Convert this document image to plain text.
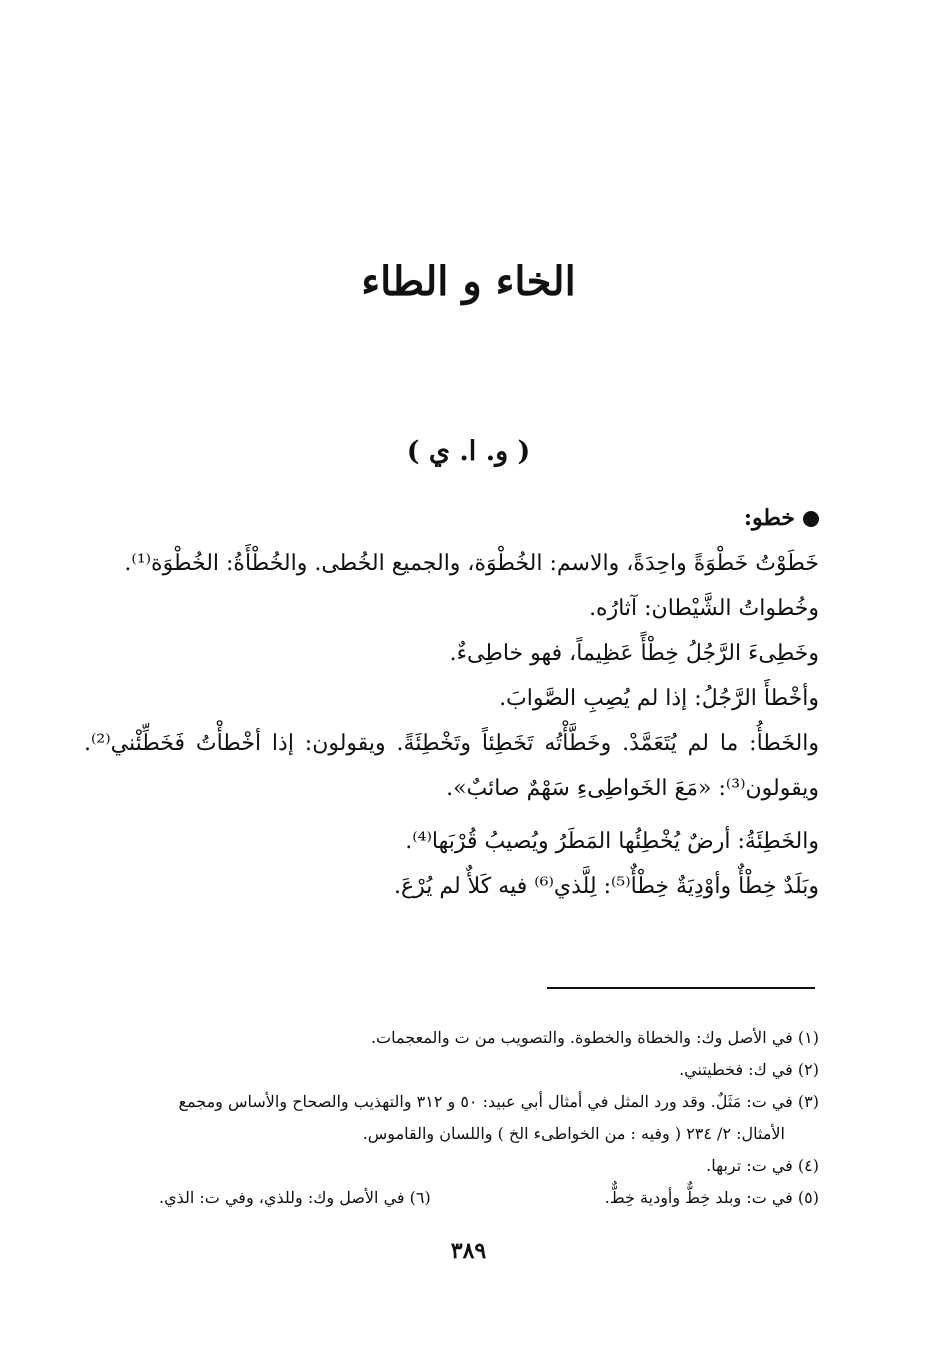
الخاء و الطاء
( و. ا. ي )

خطو:

خَطَوْتُ خَطْوَةً واحِدَةً، والاسم: الخُطْوَة، والجميع الخُطى. والخُطْأَةُ: الخُطْوَة⁽¹⁾.

وخُطواتُ الشَّيْطان: آثارُه.

وخَطِىءَ الرَّجُلُ خِطْأً عَظِيماً، فهو خاطِىءٌ.

وأخْطأَ الرَّجُلُ: إذا لم يُصِبِ الصَّوابَ.

والخَطأُ: ما لم يُتَعَمَّدْ. وخَطَّأْتُه تَخَطِئاً وتَخْطِئَةً. ويقولون: إذا أخْطأْتُ فَخَطِّئْني⁽²⁾. ويقولون⁽³⁾: «مَعَ الخَواطِىءِ سَهْمٌ صائبٌ».

والخَطِئَةُ: أرضٌ يُخْطِئُها المَطَرُ ويُصيبُ قُرْبَها⁽⁴⁾.

وبَلَدٌ خِطْأٌ وأوْدِيَةٌ خِطْأٌ⁽⁵⁾: لِلَّذي⁽⁶⁾ فيه كَلأٌ لم يُرْعَ.

(١) في الأصل وك: والخطاة والخطوة. والتصويب من ت والمعجمات.

(٢) في ك: فخطيتني.

(٣) في ت: مَثَلٌ. وقد ورد المثل في أمثال أبي عبيد: ٥٠ و ٣١٢ والتهذيب والصحاح والأساس ومجمع

الأمثال: ٢/ ٢٣٤ ( وفيه : من الخواطىء الخ ) واللسان والقاموس.

(٤) في ت: تربها.

(٥) في ت: وبلد خِطٌّ وأودية خِطٌّ.
(٦) في الأصل وك: وللذي، وفي ت: الذي.

٣٨٩
